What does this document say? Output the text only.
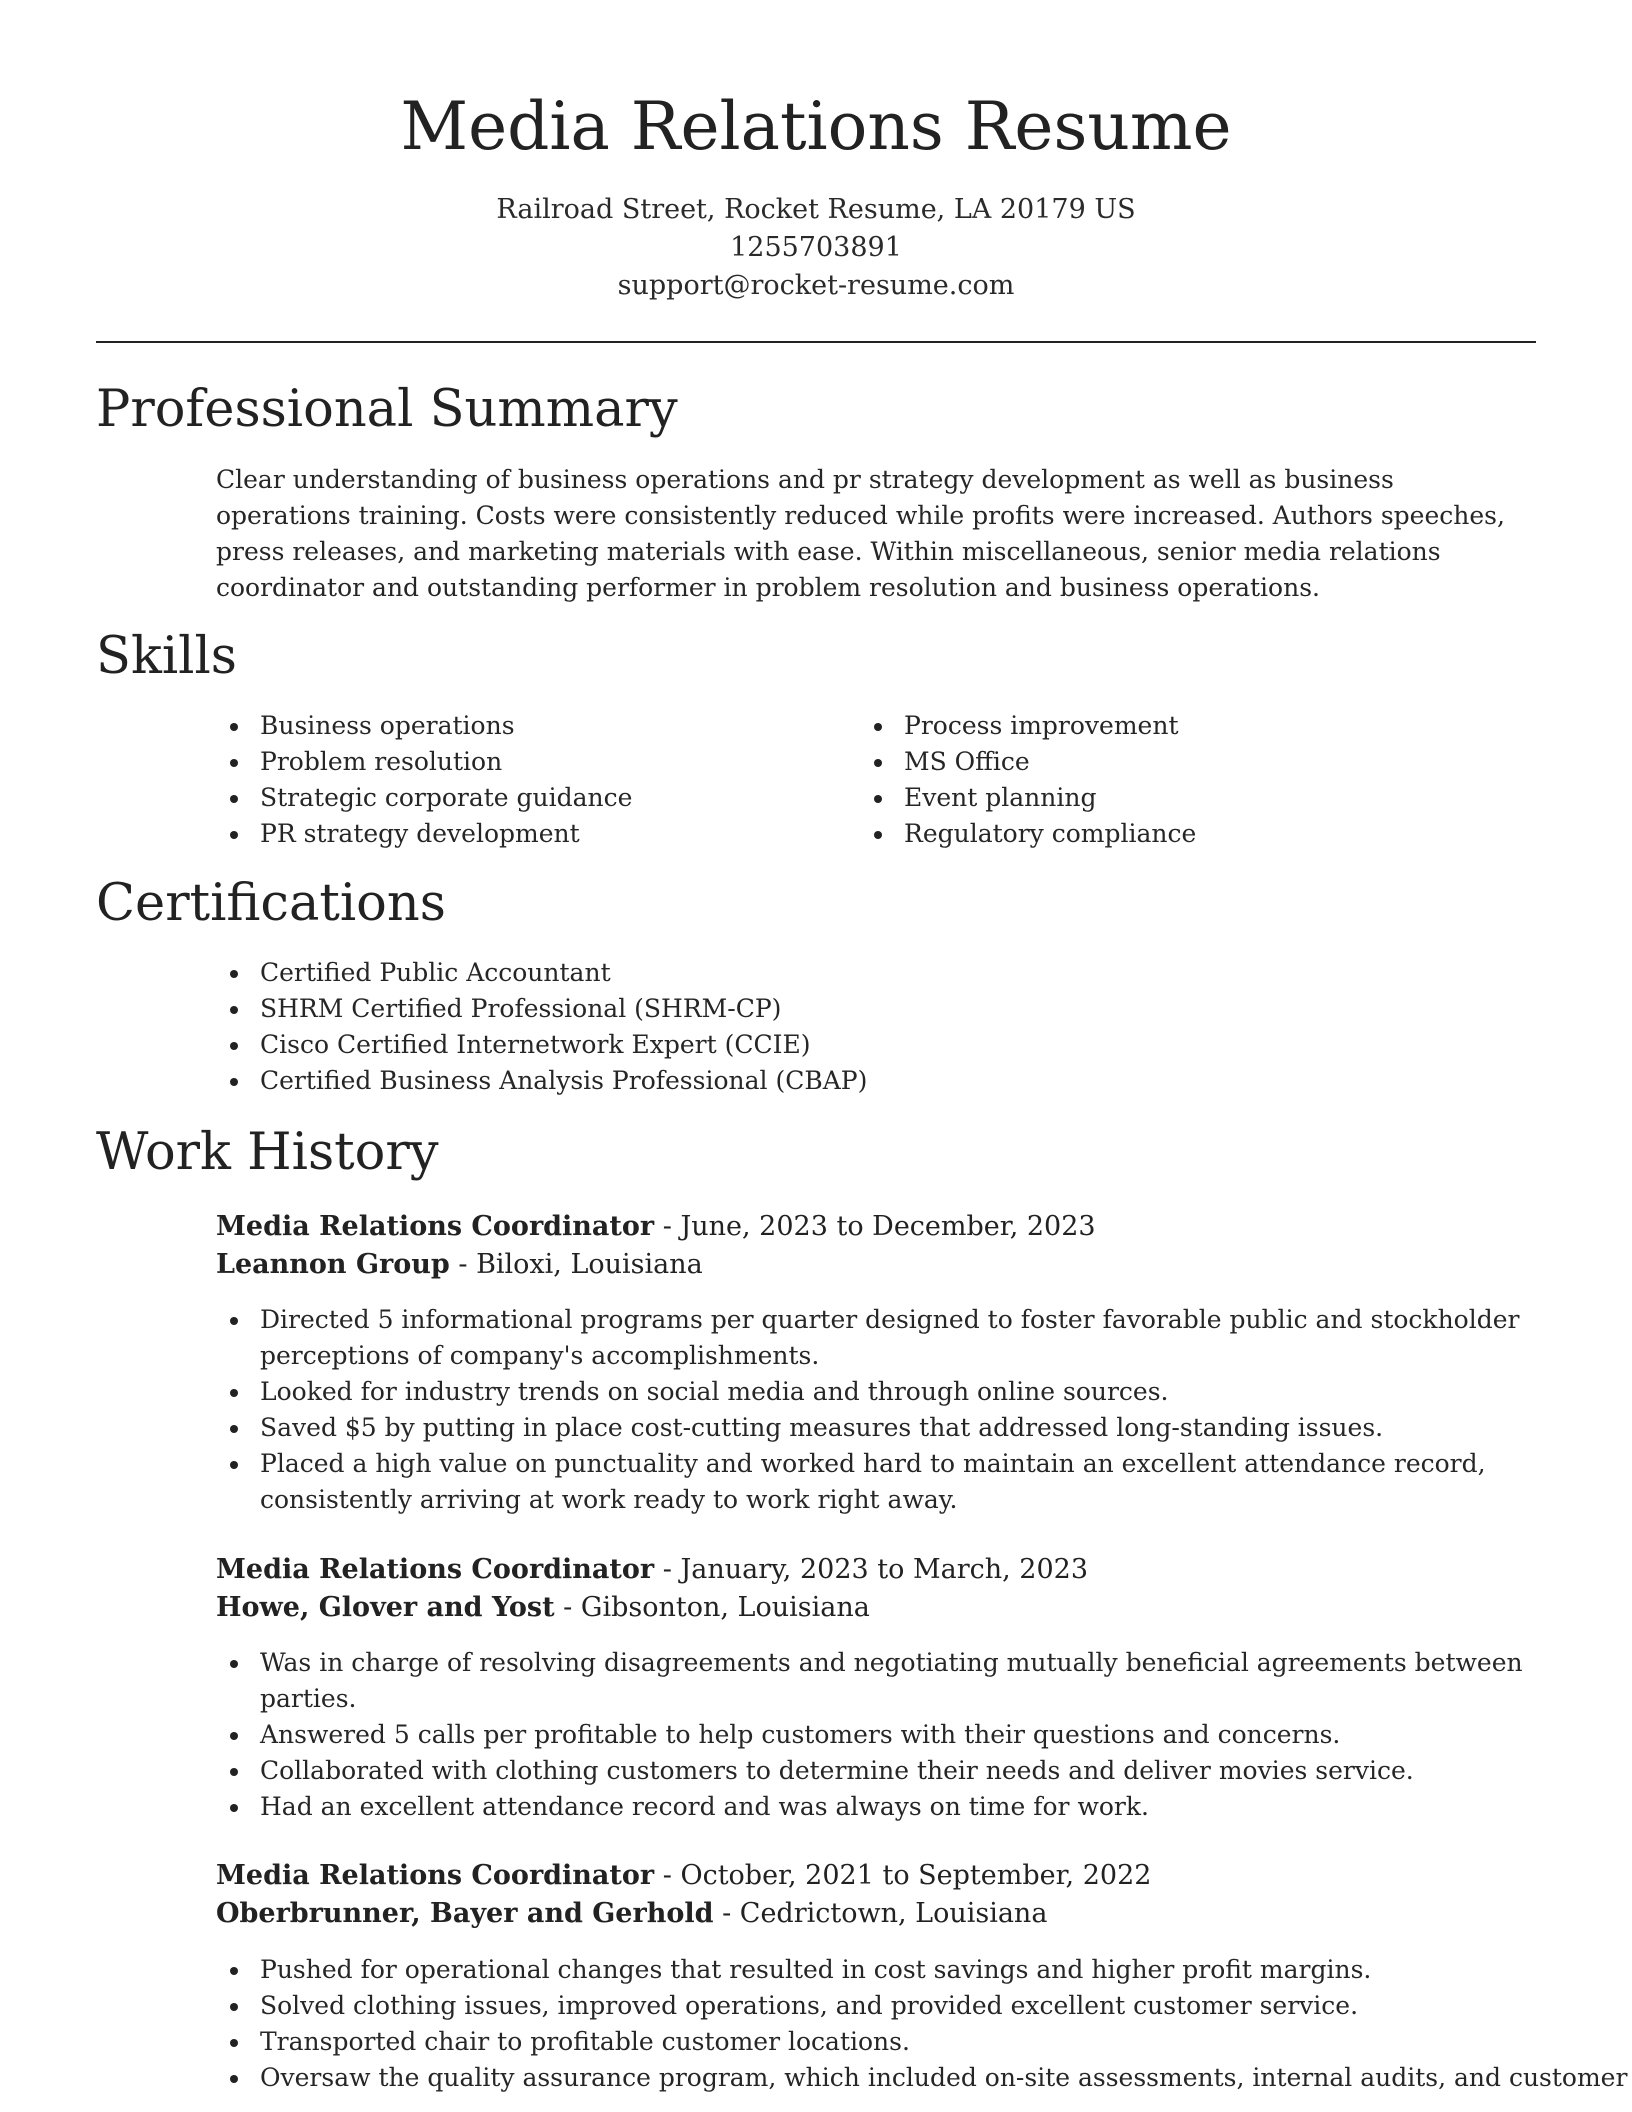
Media Relations Resume
Railroad Street, Rocket Resume, LA 20179 US
1255703891
support@rocket-resume.com
Professional Summary

Clear understanding of business operations and pr strategy development as well as business operations training. Costs were consistently reduced while profits were increased. Authors speeches, press releases, and marketing materials with ease. Within miscellaneous, senior media relations coordinator and outstanding performer in problem resolution and business operations.

Skills
Business operations
Problem resolution
Strategic corporate guidance
PR strategy development
Process improvement
MS Office
Event planning
Regulatory compliance
Certifications
Certified Public Accountant
SHRM Certified Professional (SHRM-CP)
Cisco Certified Internetwork Expert (CCIE)
Certified Business Analysis Professional (CBAP)
Work History
Media Relations Coordinator - June, 2023 to December, 2023
Leannon Group - Biloxi, Louisiana
Directed 5 informational programs per quarter designed to foster favorable public and stockholder perceptions of company's accomplishments.
Looked for industry trends on social media and through online sources.
Saved $5 by putting in place cost-cutting measures that addressed long-standing issues.
Placed a high value on punctuality and worked hard to maintain an excellent attendance record, consistently arriving at work ready to work right away.
Media Relations Coordinator - January, 2023 to March, 2023
Howe, Glover and Yost - Gibsonton, Louisiana
Was in charge of resolving disagreements and negotiating mutually beneficial agreements between parties.
Answered 5 calls per profitable to help customers with their questions and concerns.
Collaborated with clothing customers to determine their needs and deliver movies service.
Had an excellent attendance record and was always on time for work.
Media Relations Coordinator - October, 2021 to September, 2022
Oberbrunner, Bayer and Gerhold - Cedrictown, Louisiana
Pushed for operational changes that resulted in cost savings and higher profit margins.
Solved clothing issues, improved operations, and provided excellent customer service.
Transported chair to profitable customer locations.
Oversaw the quality assurance program, which included on-site assessments, internal audits, and customer
